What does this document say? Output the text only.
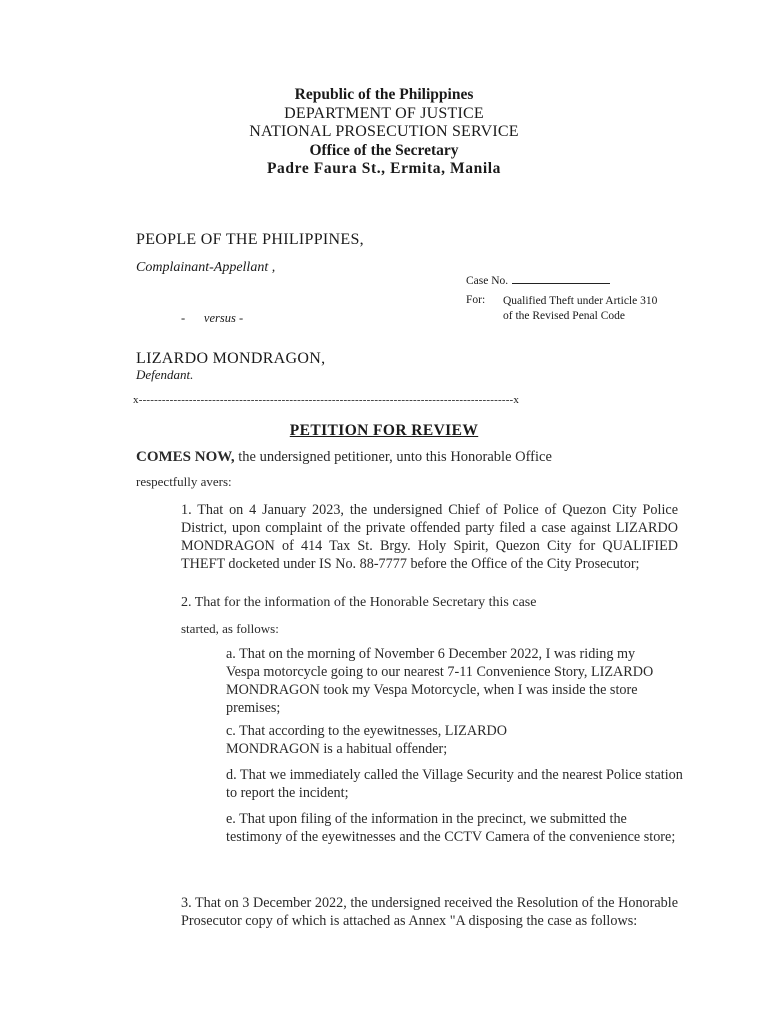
Republic of the Philippines
DEPARTMENT OF JUSTICE
NATIONAL PROSECUTION SERVICE
Office of the Secretary
Padre Faura St., Ermita, Manila
PEOPLE OF THE PHILIPPINES,
Complainant-Appellant ,
Case No.
For: Qualified Theft under Article 310
of the Revised Penal Code
-      versus -
LIZARDO MONDRAGON,
Defendant.
x-------------------------------------------------------------------------------------------------x
PETITION FOR REVIEW
COMES NOW, the undersigned petitioner, unto this Honorable Office
respectfully avers:
1. That on 4 January 2023, the undersigned Chief of Police of Quezon City Police District, upon complaint of the private offended party filed a case against LIZARDO MONDRAGON of 414 Tax St. Brgy. Holy Spirit, Quezon City for QUALIFIED THEFT docketed under IS No. 88-7777 before the Office of the City Prosecutor;
2. That for the information of the Honorable Secretary this case
started, as follows:
a. That on the morning of November 6 December 2022, I was riding my Vespa motorcycle going to our nearest 7-11 Convenience Story, LIZARDO MONDRAGON took my Vespa Motorcycle, when I was inside the store premises;
c. That according to the eyewitnesses, LIZARDO MONDRAGON is a habitual offender;
d. That we immediately called the Village Security and the nearest Police station to report the incident;
e. That upon filing of the information in the precinct, we submitted the testimony of the eyewitnesses and the CCTV Camera of the convenience store;
3. That on 3 December 2022, the undersigned received the Resolution of the Honorable Prosecutor copy of which is attached as Annex "A disposing the case as follows:
